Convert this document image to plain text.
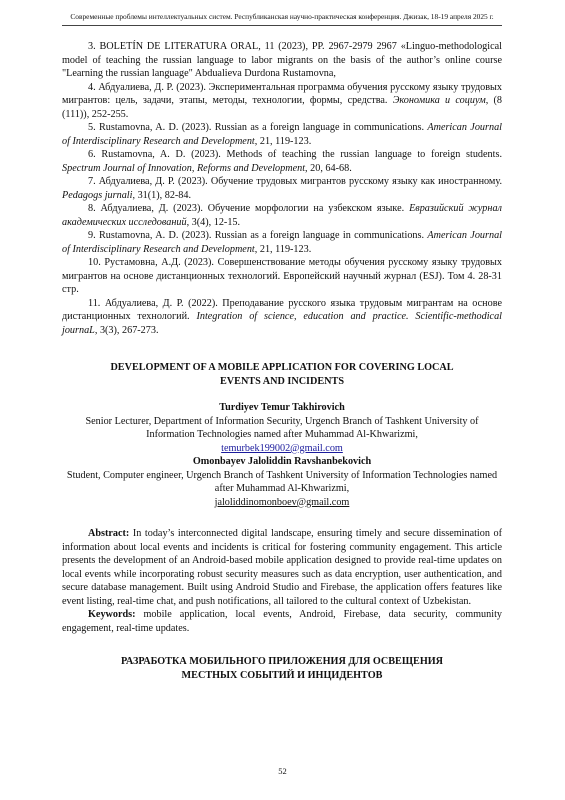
Современные проблемы интеллектуальных систем. Республиканская научно-практическая конференция. Джизак, 18-19 апреля 2025 г.

3. BOLETÍN DE LITERATURA ORAL, 11 (2023), PP. 2967-2979 2967 «Linguo-methodological model of teaching the russian language to labor migrants on the basis of the author’s online course "Learning the russian language" Abdualieva Durdona Rustamovna,

4. Абдуалиева, Д. Р. (2023). Экспериментальная программа обучения русскому языку трудовых мигрантов: цель, задачи, этапы, методы, технологии, формы, средства. Экономика и социум, (8 (111)), 252-255.

5. Rustamovna, A. D. (2023). Russian as a foreign language in communications. American Journal of Interdisciplinary Research and Development, 21, 119-123.

6. Rustamovna, A. D. (2023). Methods of teaching the russian language to foreign students. Spectrum Journal of Innovation, Reforms and Development, 20, 64-68.

7. Абдуалиева, Д. Р. (2023). Обучение трудовых мигрантов русскому языку как иностранному. Pedagogs jurnali, 31(1), 82-84.

8. Абдуалиева, Д. (2023). Обучение морфологии на узбекском языке. Евразийский журнал академических исследований, 3(4), 12-15.

9. Rustamovna, A. D. (2023). Russian as a foreign language in communications. American Journal of Interdisciplinary Research and Development, 21, 119-123.

10. Рустамовна, А.Д. (2023). Совершенствование методы обучения русскому языку трудовых мигрантов на основе дистанционных технологий. Европейский научный журнал (ESJ). Том 4. 28-31 стр.

11. Абдуалиева, Д. Р. (2022). Преподавание русского языка трудовым мигрантам на основе дистанционных технологий. Integration of science, education and practice. Scientific-methodical journaL, 3(3), 267-273.

DEVELOPMENT OF A MOBILE APPLICATION FOR COVERING LOCAL EVENTS AND INCIDENTS

Turdiyev Temur Takhirovich

Senior Lecturer, Department of Information Security, Urgench Branch of Tashkent University of Information Technologies named after Muhammad Al-Khwarizmi,

temurbek199002@gmail.com

Omonbayev Jaloliddin Ravshanbekovich

Student, Computer engineer, Urgench Branch of Tashkent University of Information Technologies named after Muhammad Al-Khwarizmi,

jaloliddinomonboev@gmail.com

Abstract: In today’s interconnected digital landscape, ensuring timely and secure dissemination of information about local events and incidents is critical for fostering community engagement. This article presents the development of an Android-based mobile application designed to provide real-time updates on local events while incorporating robust security measures such as data encryption, user authentication, and secure database management. Built using Android Studio and Firebase, the application offers features like event listing, real-time chat, and push notifications, all tailored to the cultural context of Uzbekistan.

Keywords: mobile application, local events, Android, Firebase, data security, community engagement, real-time updates.

РАЗРАБОТКА МОБИЛЬНОГО ПРИЛОЖЕНИЯ ДЛЯ ОСВЕЩЕНИЯ МЕСТНЫХ СОБЫТИЙ И ИНЦИДЕНТОВ
52
